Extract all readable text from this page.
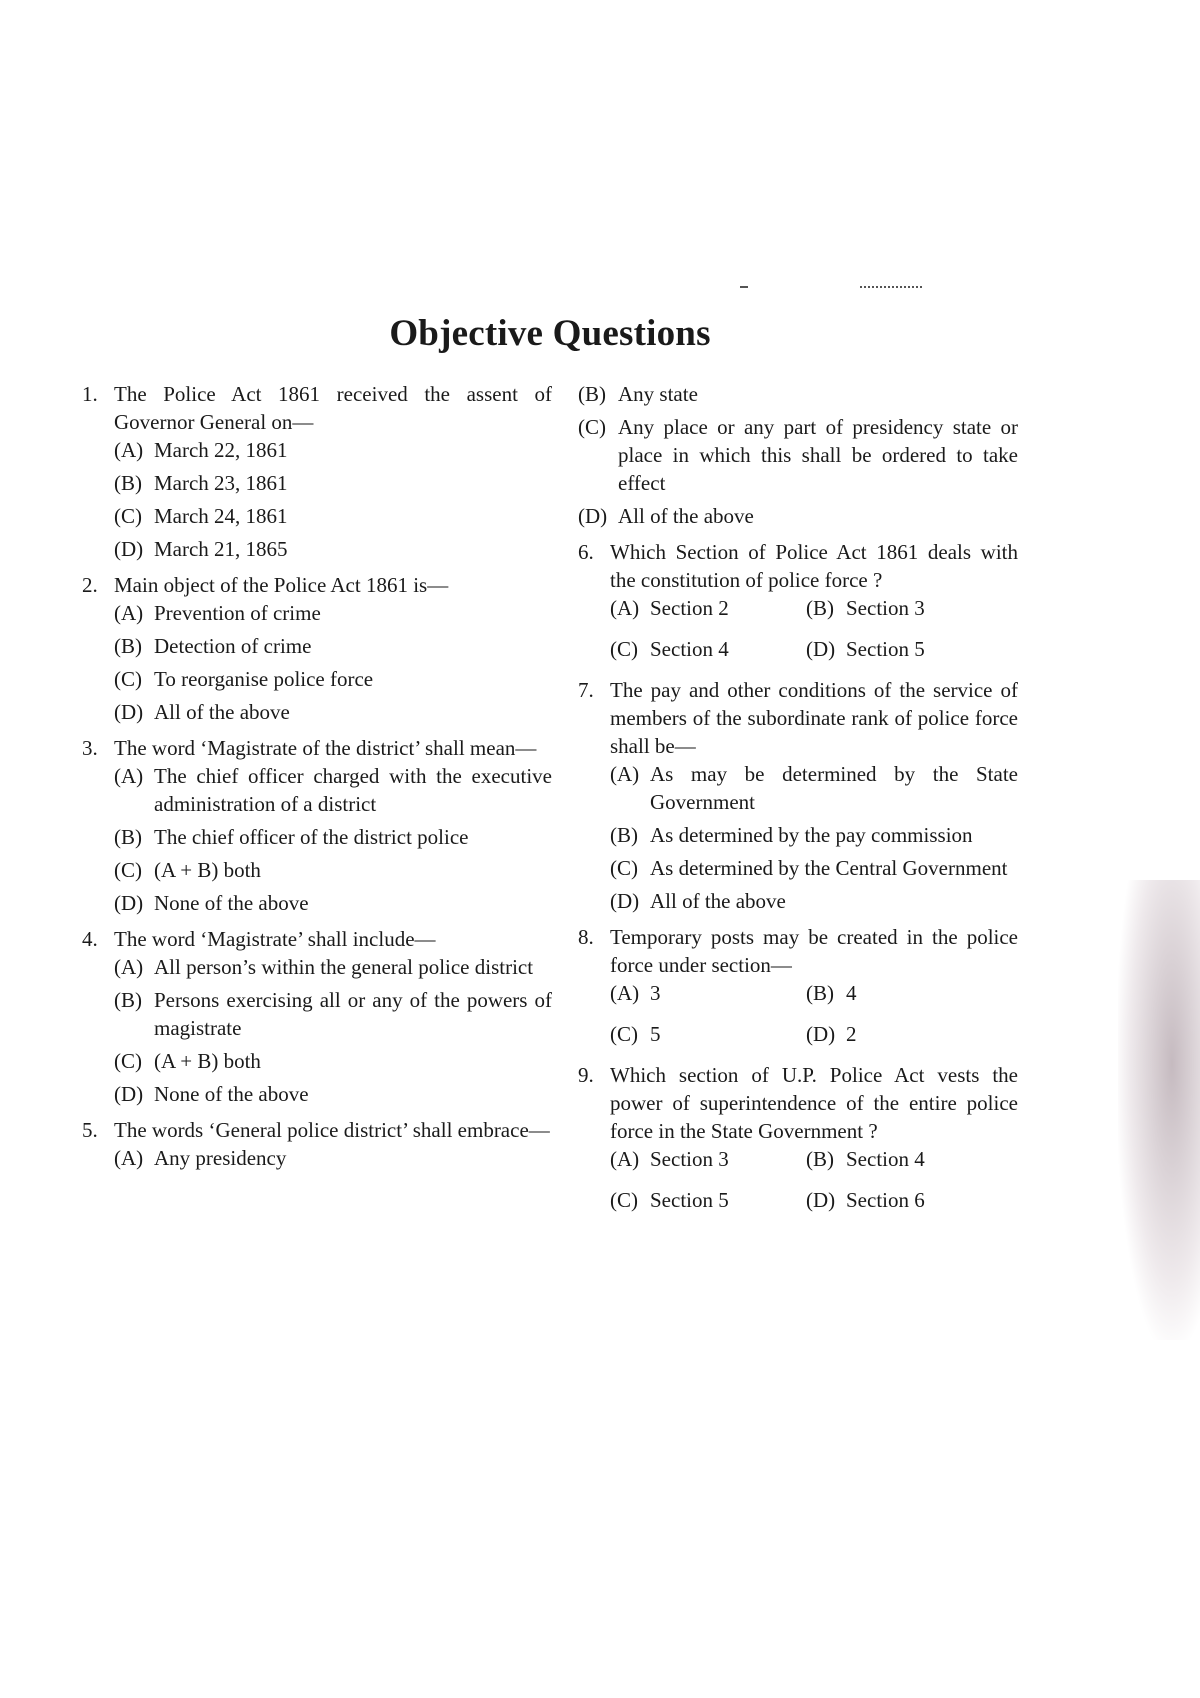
Objective Questions
1. The Police Act 1861 received the assent of Governor General on—
(A) March 22, 1861
(B) March 23, 1861
(C) March 24, 1861
(D) March 21, 1865
2. Main object of the Police Act 1861 is—
(A) Prevention of crime
(B) Detection of crime
(C) To reorganise police force
(D) All of the above
3. The word ‘Magistrate of the district’ shall mean—
(A) The chief officer charged with the executive administration of a district
(B) The chief officer of the district police
(C) (A + B) both
(D) None of the above
4. The word ‘Magistrate’ shall include—
(A) All person’s within the general police district
(B) Persons exercising all or any of the powers of magistrate
(C) (A + B) both
(D) None of the above
5. The words ‘General police district’ shall embrace—
(A) Any presidency
(B) Any state
(C) Any place or any part of presidency state or place in which this shall be ordered to take effect
(D) All of the above
6. Which Section of Police Act 1861 deals with the constitution of police force ?
(A) Section 2	(B) Section 3
(C) Section 4	(D) Section 5
7. The pay and other conditions of the service of members of the subordinate rank of police force shall be—
(A) As may be determined by the State Government
(B) As determined by the pay commission
(C) As determined by the Central Government
(D) All of the above
8. Temporary posts may be created in the police force under section—
(A) 3	(B) 4
(C) 5	(D) 2
9. Which section of U.P. Police Act vests the power of superintendence of the entire police force in the State Government ?
(A) Section 3	(B) Section 4
(C) Section 5	(D) Section 6
